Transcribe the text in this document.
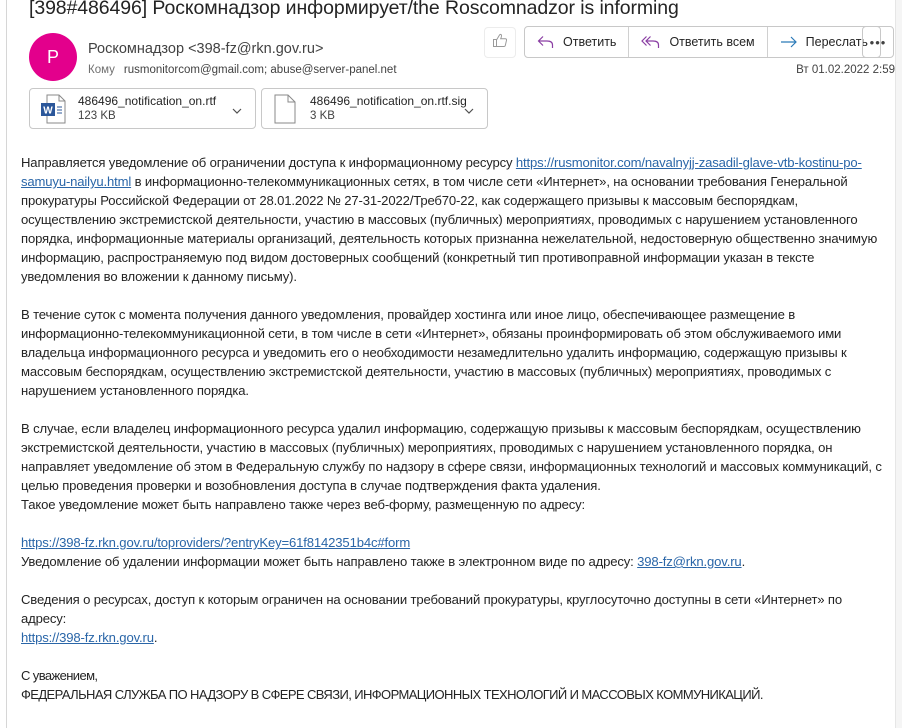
[398#486496] Роскомнадзор информирует/the Roscomnadzor is informing
Р Роскомнадзор <398-fz@rkn.gov.ru>
Кому rusmonitorcom@gmail.com; abuse@server-panel.net
Ответить	Ответить всем	Переслать •••
Вт 01.02.2022 2:59
W
486496_notification_on.rtf
123 KB
486496_notification_on.rtf.sig
3 KB

Направляется уведомление об ограничении доступа к информационному ресурсу https://rusmonitor.com/navalnyjj-zasadil-glave-vtb-kostinu-po-samuyu-nailyu.html в информационно-телекоммуникационных сетях, в том числе сети «Интернет», на основании требования Генеральной прокуратуры Российской Федерации от 28.01.2022 № 27-31-2022/Треб70-22, как содержащего призывы к массовым беспорядкам, осуществлению экстремистской деятельности, участию в массовых (публичных) мероприятиях, проводимых с нарушением установленного порядка, информационные материалы организаций, деятельность которых признанна нежелательной, недостоверную общественно значимую информацию, распространяемую под видом достоверных сообщений (конкретный тип противоправной информации указан в тексте уведомления во вложении к данному письму).

В течение суток с момента получения данного уведомления, провайдер хостинга или иное лицо, обеспечивающее размещение в информационно-телекоммуникационной сети, в том числе в сети «Интернет», обязаны проинформировать об этом обслуживаемого ими владельца информационного ресурса и уведомить его о необходимости незамедлительно удалить информацию, содержащую призывы к массовым беспорядкам, осуществлению экстремистской деятельности, участию в массовых (публичных) мероприятиях, проводимых с нарушением установленного порядка.

В случае, если владелец информационного ресурса удалил информацию, содержащую призывы к массовым беспорядкам, осуществлению экстремистской деятельности, участию в массовых (публичных) мероприятиях, проводимых с нарушением установленного порядка, он направляет уведомление об этом в Федеральную службу по надзору в сфере связи, информационных технологий и массовых коммуникаций, с целью проведения проверки и возобновления доступа в случае подтверждения факта удаления.

Такое уведомление может быть направлено также через веб-форму, размещенную по адресу:

https://398-fz.rkn.gov.ru/toproviders/?entryKey=61f8142351b4c#form

Уведомление об удалении информации может быть направлено также в электронном виде по адресу: 398-fz@rkn.gov.ru.

Сведения о ресурсах, доступ к которым ограничен на основании требований прокуратуры, круглосуточно доступны в сети «Интернет» по адресу:

https://398-fz.rkn.gov.ru.

С уважением,

ФЕДЕРАЛЬНАЯ СЛУЖБА ПО НАДЗОРУ В СФЕРЕ СВЯЗИ, ИНФОРМАЦИОННЫХ ТЕХНОЛОГИЙ И МАССОВЫХ КОММУНИКАЦИЙ.
